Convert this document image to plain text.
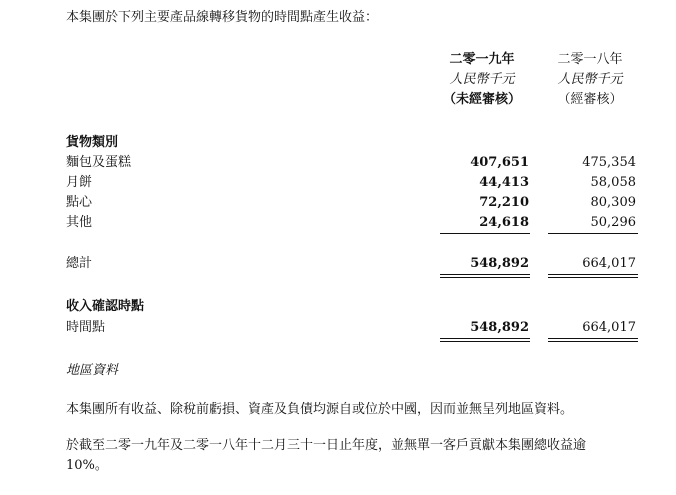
本集團於下列主要產品線轉移貨物的時間點產生收益：
二零一九年
人民幣千元
（未經審核）
二零一八年
人民幣千元
（經審核）
貨物類別
麵包及蛋糕	407,651	475,354
月餅	44,413	58,058
點心	72,210	80,309
其他	24,618	50,296
總計	548,892	664,017
收入確認時點
時間點	548,892	664,017
地區資料
本集團所有收益、除稅前虧損、資產及負債均源自或位於中國，因而並無呈列地區資料。
於截至二零一九年及二零一八年十二月三十一日止年度，並無單一客戶貢獻本集團總收益逾10%。
